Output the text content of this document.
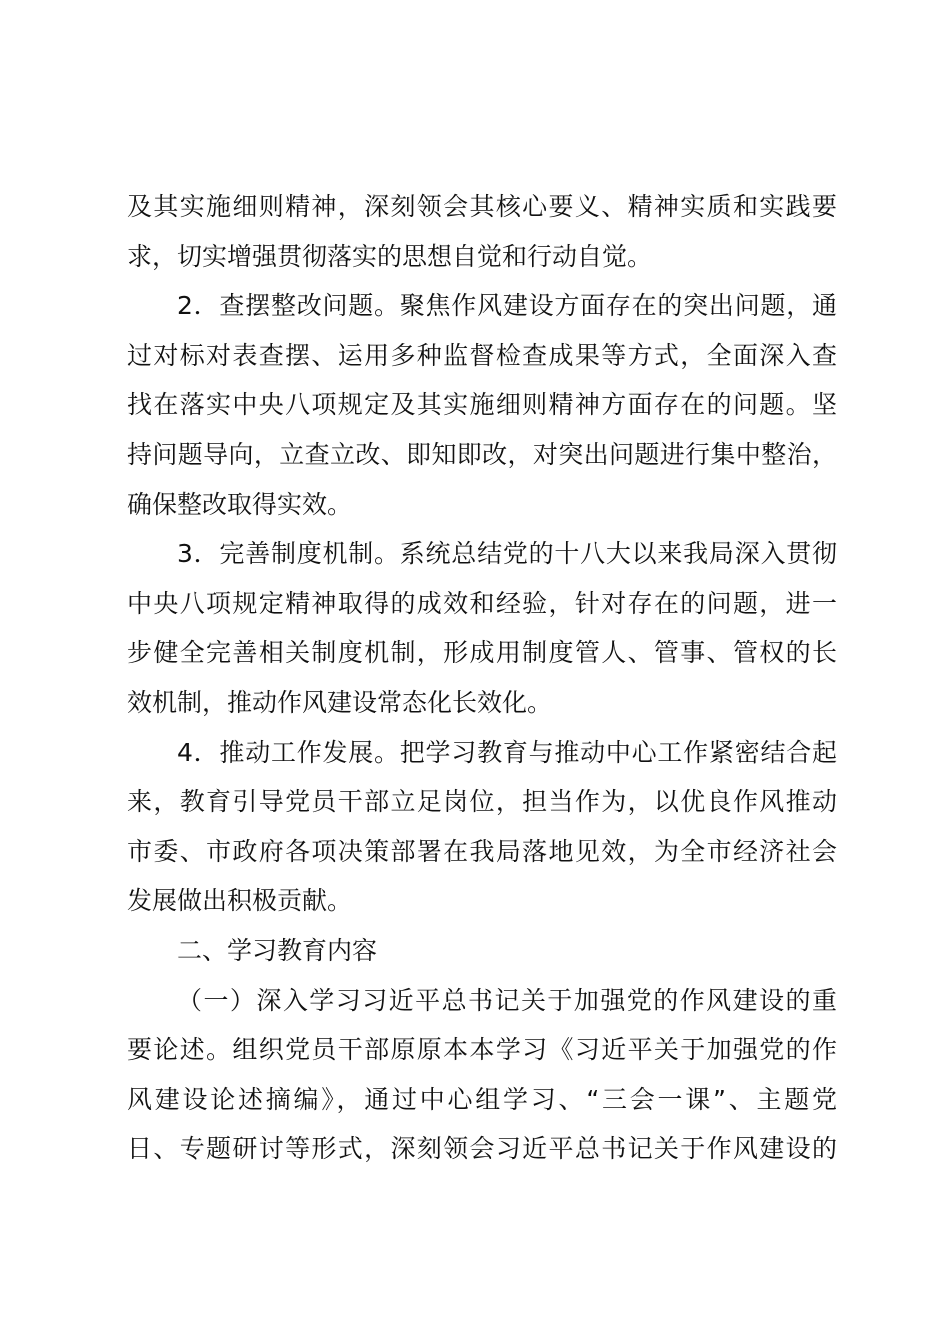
及其实施细则精神，深刻领会其核心要义、精神实质和实践要
求，切实增强贯彻落实的思想自觉和行动自觉。
2．查摆整改问题。聚焦作风建设方面存在的突出问题，通
过对标对表查摆、运用多种监督检查成果等方式，全面深入查
找在落实中央八项规定及其实施细则精神方面存在的问题。坚
持问题导向，立查立改、即知即改，对突出问题进行集中整治，
确保整改取得实效。
3．完善制度机制。系统总结党的十八大以来我局深入贯彻
中央八项规定精神取得的成效和经验，针对存在的问题，进一
步健全完善相关制度机制，形成用制度管人、管事、管权的长
效机制，推动作风建设常态化长效化。
4．推动工作发展。把学习教育与推动中心工作紧密结合起
来，教育引导党员干部立足岗位，担当作为，以优良作风推动
市委、市政府各项决策部署在我局落地见效，为全市经济社会
发展做出积极贡献。
二、学习教育内容
（一）深入学习习近平总书记关于加强党的作风建设的重
要论述。组织党员干部原原本本学习《习近平关于加强党的作
风建设论述摘编》，通过中心组学习、“三会一课”、主题党
日、专题研讨等形式，深刻领会习近平总书记关于作风建设的
